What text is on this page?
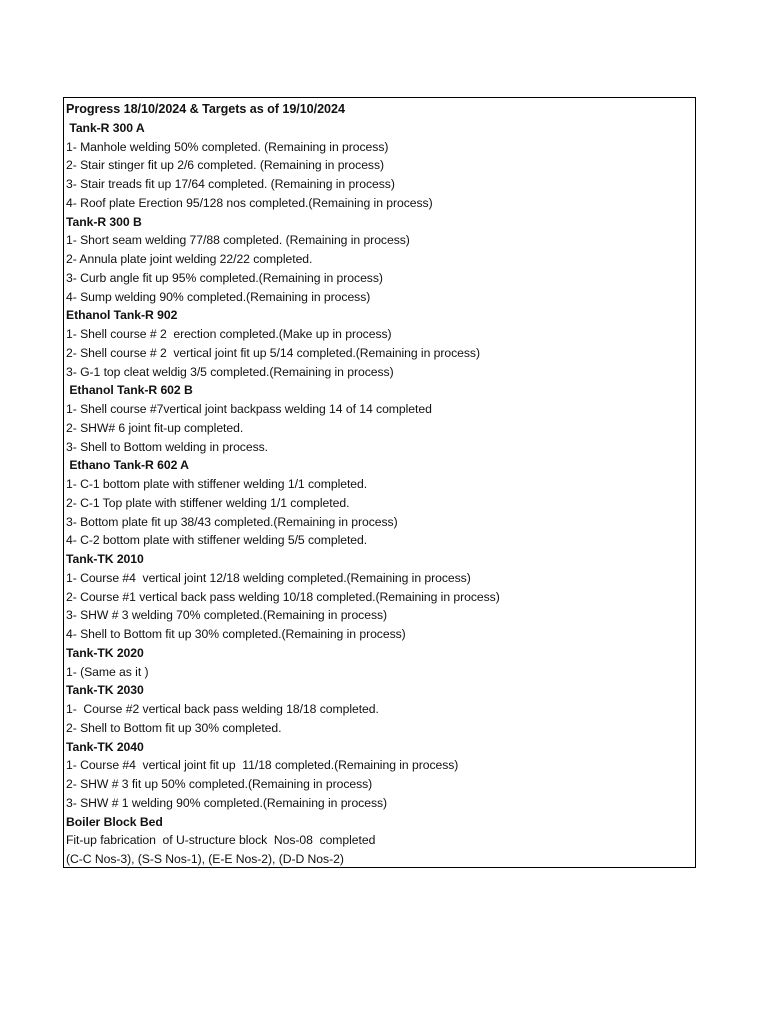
Progress 18/10/2024 & Targets as of 19/10/2024
Tank-R 300 A
1- Manhole welding 50% completed. (Remaining in process)
2- Stair stinger fit up 2/6 completed. (Remaining in process)
3- Stair treads fit up 17/64 completed. (Remaining in process)
4- Roof plate Erection 95/128 nos completed.(Remaining in process)
Tank-R 300 B
1- Short seam welding 77/88 completed. (Remaining in process)
2- Annula plate joint welding 22/22 completed.
3- Curb angle fit up 95% completed.(Remaining in process)
4- Sump welding 90% completed.(Remaining in process)
Ethanol Tank-R 902
1- Shell course # 2  erection completed.(Make up in process)
2- Shell course # 2  vertical joint fit up 5/14 completed.(Remaining in process)
3- G-1 top cleat weldig 3/5 completed.(Remaining in process)
Ethanol Tank-R 602 B
1- Shell course #7vertical joint backpass welding 14 of 14 completed
2- SHW# 6 joint fit-up completed.
3- Shell to Bottom welding in process.
Ethano Tank-R 602 A
1- C-1 bottom plate with stiffener welding 1/1 completed.
2- C-1 Top plate with stiffener welding 1/1 completed.
3- Bottom plate fit up 38/43 completed.(Remaining in process)
4- C-2 bottom plate with stiffener welding 5/5 completed.
Tank-TK 2010
1- Course #4  vertical joint 12/18 welding completed.(Remaining in process)
2- Course #1 vertical back pass welding 10/18 completed.(Remaining in process)
3- SHW # 3 welding 70% completed.(Remaining in process)
4- Shell to Bottom fit up 30% completed.(Remaining in process)
Tank-TK 2020
1- (Same as it )
Tank-TK 2030
1-  Course #2 vertical back pass welding 18/18 completed.
2- Shell to Bottom fit up 30% completed.
Tank-TK 2040
1- Course #4  vertical joint fit up  11/18 completed.(Remaining in process)
2- SHW # 3 fit up 50% completed.(Remaining in process)
3- SHW # 1 welding 90% completed.(Remaining in process)
Boiler Block Bed
Fit-up fabrication  of U-structure block  Nos-08  completed
(C-C Nos-3), (S-S Nos-1), (E-E Nos-2), (D-D Nos-2)
